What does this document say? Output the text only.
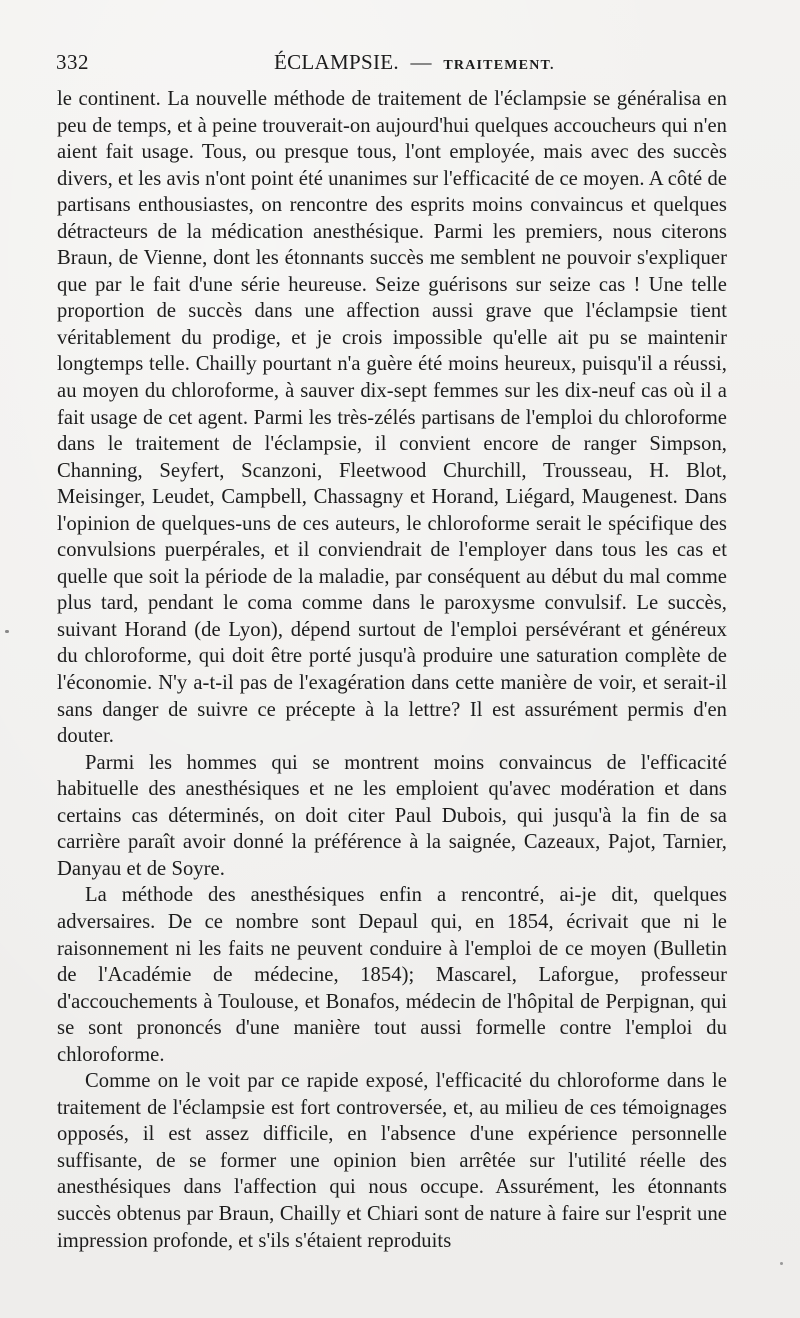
332	ÉCLAMPSIE. — TRAITEMENT.

le continent. La nouvelle méthode de traitement de l'éclampsie se généralisa en peu de temps, et à peine trouverait-on aujourd'hui quelques accoucheurs qui n'en aient fait usage. Tous, ou presque tous, l'ont employée, mais avec des succès divers, et les avis n'ont point été unanimes sur l'efficacité de ce moyen. A côté de partisans enthousiastes, on rencontre des esprits moins convaincus et quelques détracteurs de la médication anesthésique. Parmi les premiers, nous citerons Braun, de Vienne, dont les étonnants succès me semblent ne pouvoir s'expliquer que par le fait d'une série heureuse. Seize guérisons sur seize cas ! Une telle proportion de succès dans une affection aussi grave que l'éclampsie tient véritablement du prodige, et je crois impossible qu'elle ait pu se maintenir longtemps telle. Chailly pourtant n'a guère été moins heureux, puisqu'il a réussi, au moyen du chloroforme, à sauver dix-sept femmes sur les dix-neuf cas où il a fait usage de cet agent. Parmi les très-zélés partisans de l'emploi du chloroforme dans le traitement de l'éclampsie, il convient encore de ranger Simpson, Channing, Seyfert, Scanzoni, Fleetwood Churchill, Trousseau, H. Blot, Meisinger, Leudet, Campbell, Chassagny et Horand, Liégard, Maugenest. Dans l'opinion de quelques-uns de ces auteurs, le chloroforme serait le spécifique des convulsions puerpérales, et il conviendrait de l'employer dans tous les cas et quelle que soit la période de la maladie, par conséquent au début du mal comme plus tard, pendant le coma comme dans le paroxysme convulsif. Le succès, suivant Horand (de Lyon), dépend surtout de l'emploi persévérant et généreux du chloroforme, qui doit être porté jusqu'à produire une saturation complète de l'économie. N'y a-t-il pas de l'exagération dans cette manière de voir, et serait-il sans danger de suivre ce précepte à la lettre? Il est assurément permis d'en douter.

Parmi les hommes qui se montrent moins convaincus de l'efficacité habituelle des anesthésiques et ne les emploient qu'avec modération et dans certains cas déterminés, on doit citer Paul Dubois, qui jusqu'à la fin de sa carrière paraît avoir donné la préférence à la saignée, Cazeaux, Pajot, Tarnier, Danyau et de Soyre.

La méthode des anesthésiques enfin a rencontré, ai-je dit, quelques adversaires. De ce nombre sont Depaul qui, en 1854, écrivait que ni le raisonnement ni les faits ne peuvent conduire à l'emploi de ce moyen (Bulletin de l'Académie de médecine, 1854); Mascarel, Laforgue, professeur d'accouchements à Toulouse, et Bonafos, médecin de l'hôpital de Perpignan, qui se sont prononcés d'une manière tout aussi formelle contre l'emploi du chloroforme.

Comme on le voit par ce rapide exposé, l'efficacité du chloroforme dans le traitement de l'éclampsie est fort controversée, et, au milieu de ces témoignages opposés, il est assez difficile, en l'absence d'une expérience personnelle suffisante, de se former une opinion bien arrêtée sur l'utilité réelle des anesthésiques dans l'affection qui nous occupe. Assurément, les étonnants succès obtenus par Braun, Chailly et Chiari sont de nature à faire sur l'esprit une impression profonde, et s'ils s'étaient reproduits
